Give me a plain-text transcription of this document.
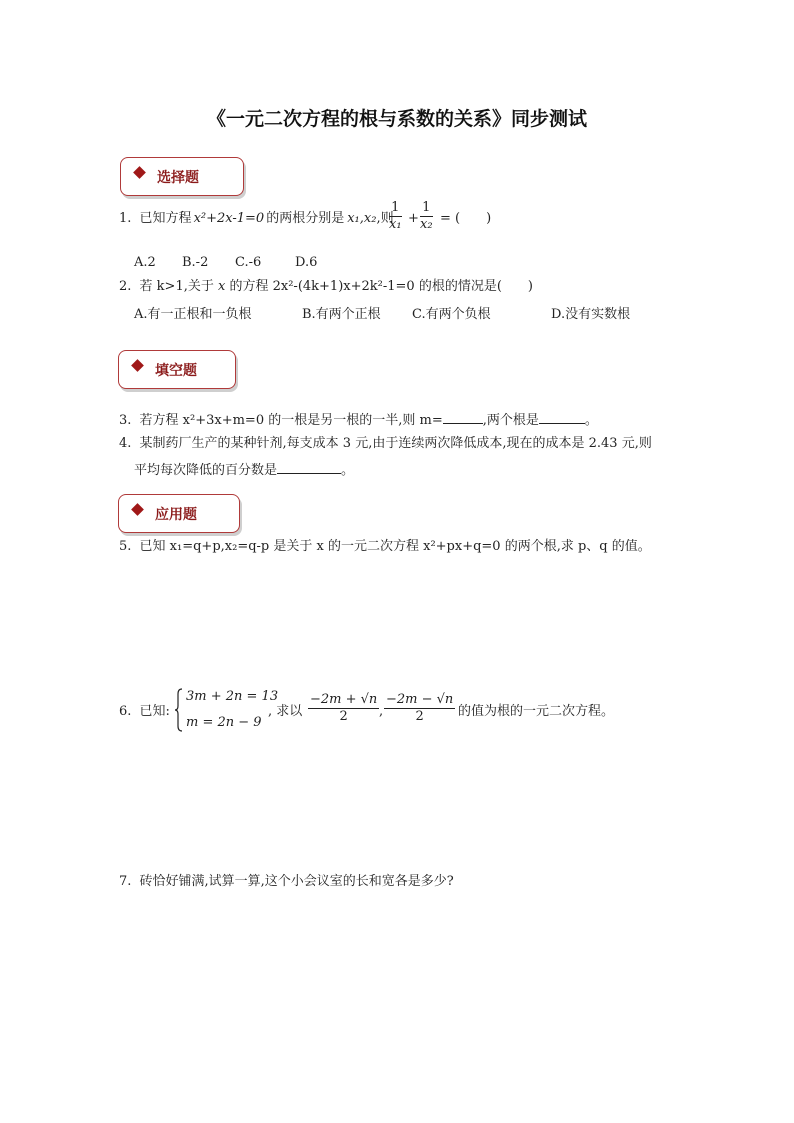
《一元二次方程的根与系数的关系》同步测试
选择题
1. 已知方程 x²+2x-1=0 的两根分别是 x₁,x₂,则
$\frac{1}{\text{x₁}} + \frac{1}{\text{x₂}}$ = (　　)
A.2 B.-2 C.-6	D.6
2. 若 k>1,关于 x 的方程 2x²-(4k+1)x+2k²-1=0 的根的情况是(　　)
A.有一正根和一负根	B.有两个正根 C.有两个负根	D.没有实数根
填空题
3. 若方程 x²+3x+m=0 的一根是另一根的一半,则 m=	,两个根是	。
4. 某制药厂生产的某种针剂,每支成本 3 元,由于连续两次降低成本,现在的成本是 2.43 元,则
平均每次降低的百分数是	。
应用题
5. 已知 x₁=q+p,x₂=q-p 是关于 x 的一元二次方程 x²+px+q=0 的两个根,求 p、q 的值。
6. 已知:
3m + 2n = 13
m = 2n − 9
, 求以 $\frac{-2m + √n}{2}$ , $\frac{-2m - √n}{2}$ 的值为根的一元二次方程。
7. 砖恰好铺满,试算一算,这个小会议室的长和宽各是多少?
